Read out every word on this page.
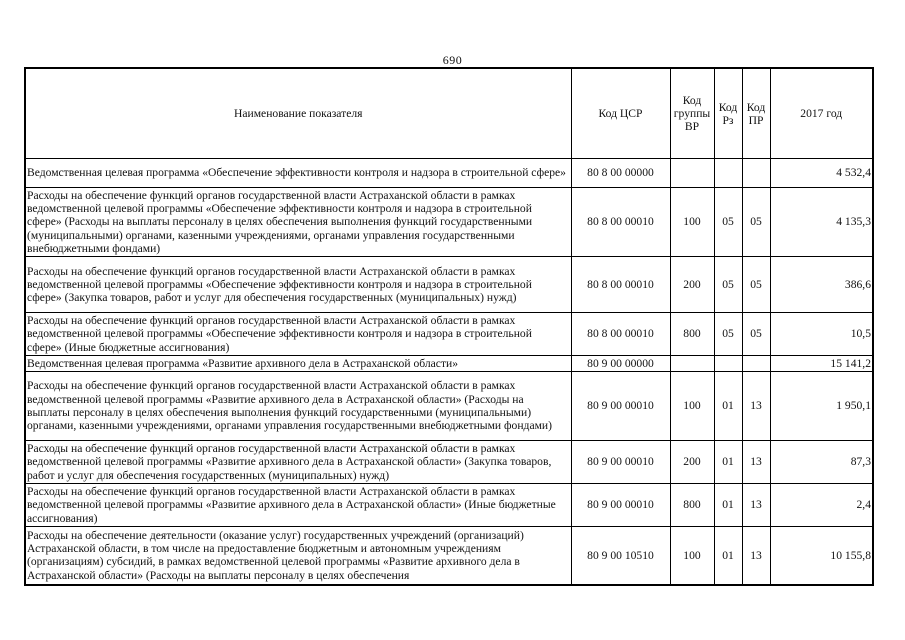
690
Наименование показателя	Код ЦСР	Код группы ВР	Код Рз	Код ПР	2017 год
Ведомственная целевая программа «Обеспечение эффективности контроля и надзора в строительной сфере»	80 8 00 00000				4 532,4
Расходы на обеспечение функций органов государственной власти Астраханской области в рамках ведомственной целевой программы «Обеспечение эффективности контроля и надзора в строительной сфере» (Расходы на выплаты персоналу в целях обеспечения выполнения функций государственными (муниципальными) органами, казенными учреждениями, органами управления государственными внебюджетными фондами)	80 8 00 00010	100	05	05	4 135,3
Расходы на обеспечение функций органов государственной власти Астраханской области в рамках ведомственной целевой программы «Обеспечение эффективности контроля и надзора в строительной сфере» (Закупка товаров, работ и услуг для обеспечения государственных (муниципальных) нужд)	80 8 00 00010	200	05	05	386,6
Расходы на обеспечение функций органов государственной власти Астраханской области в рамках ведомственной целевой программы «Обеспечение эффективности контроля и надзора в строительной сфере» (Иные бюджетные ассигнования)	80 8 00 00010	800	05	05	10,5
Ведомственная целевая программа «Развитие архивного дела в Астраханской области»	80 9 00 00000				15 141,2
Расходы на обеспечение функций органов государственной власти Астраханской области в рамках ведомственной целевой программы «Развитие архивного дела в Астраханской области» (Расходы на выплаты персоналу в целях обеспечения выполнения функций государственными (муниципальными) органами, казенными учреждениями, органами управления государственными внебюджетными фондами)	80 9 00 00010	100	01	13	1 950,1
Расходы на обеспечение функций органов государственной власти Астраханской области в рамках ведомственной целевой программы «Развитие архивного дела в Астраханской области» (Закупка товаров, работ и услуг для обеспечения государственных (муниципальных) нужд)	80 9 00 00010	200	01	13	87,3
Расходы на обеспечение функций органов государственной власти Астраханской области в рамках ведомственной целевой программы «Развитие архивного дела в Астраханской области» (Иные бюджетные ассигнования)	80 9 00 00010	800	01	13	2,4
Расходы на обеспечение деятельности (оказание услуг) государственных учреждений (организаций) Астраханской области, в том числе на предоставление бюджетным и автономным учреждениям (организациям) субсидий, в рамках ведомственной целевой программы «Развитие архивного дела в Астраханской области» (Расходы на выплаты персоналу в целях обеспечения	80 9 00 10510	100	01	13	10 155,8
